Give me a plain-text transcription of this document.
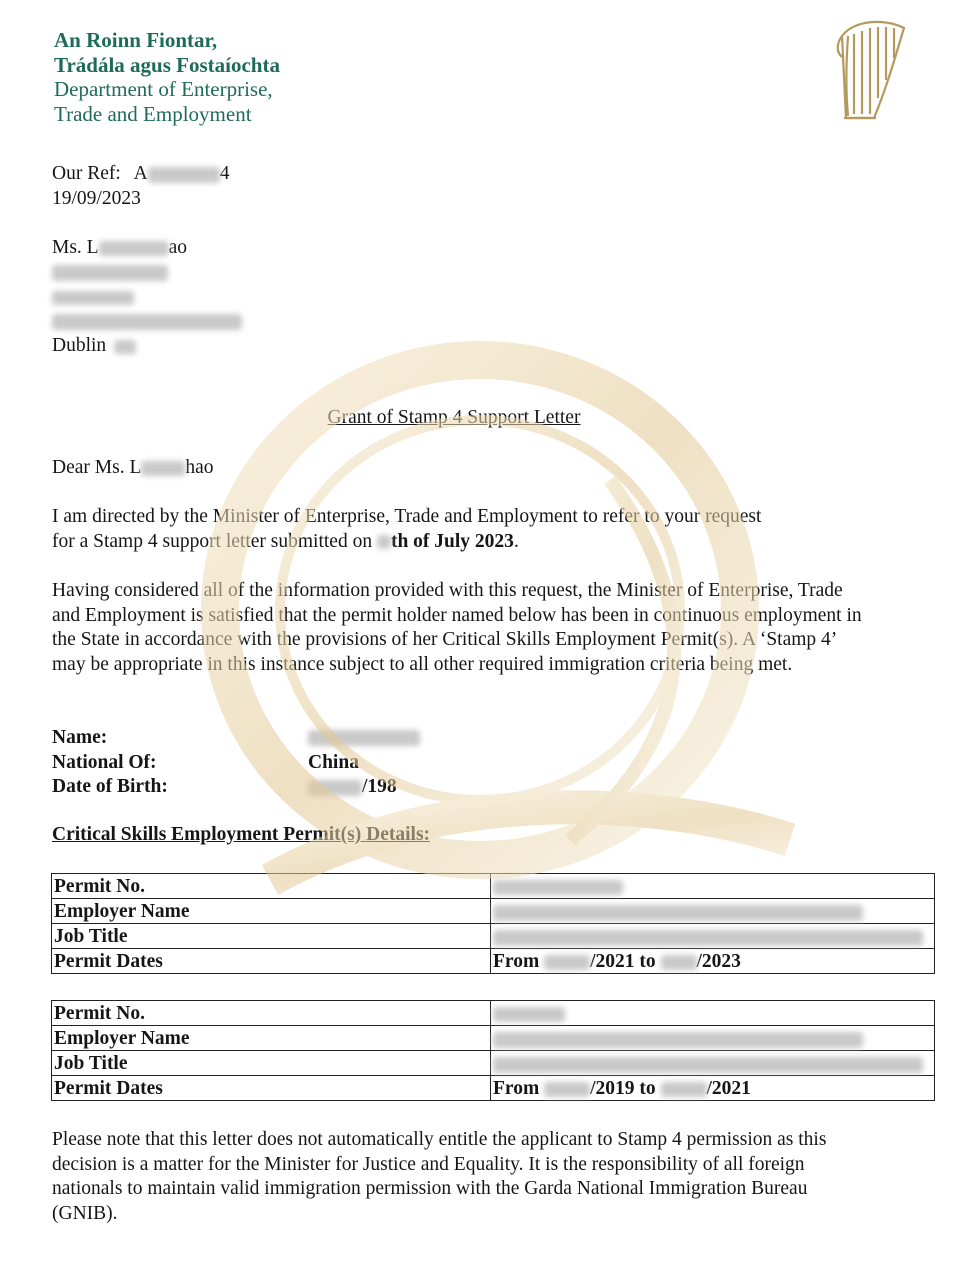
An Roinn Fiontar,
Trádála agus Fostaíochta
Department of Enterprise,
Trade and Employment
Our Ref: A	4
19/09/2023
Ms. L	ao
Dublin
Grant of Stamp 4 Support Letter
Dear Ms. L hao
I am directed by the Minister of Enterprise, Trade and Employment to refer to your request
for a Stamp 4 support letter submitted on th of July 2023.
Having considered all of the information provided with this request, the Minister of Enterprise, Trade and Employment is satisfied that the permit holder named below has been in continuous employment in the State in accordance with the provisions of her Critical Skills Employment Permit(s). A ‘Stamp 4’ may be appropriate in this instance subject to all other required immigration criteria being met.
Name:
National Of:	China
Date of Birth:	/198
Critical Skills Employment Permit(s) Details:
Permit No.	
Employer Name	
Job Title	
Permit Dates	From /2021 to /2023
Permit No.	
Employer Name	
Job Title	
Permit Dates	From /2019 to /2021
Please note that this letter does not automatically entitle the applicant to Stamp 4 permission as this decision is a matter for the Minister for Justice and Equality. It is the responsibility of all foreign nationals to maintain valid immigration permission with the Garda National Immigration Bureau (GNIB).
